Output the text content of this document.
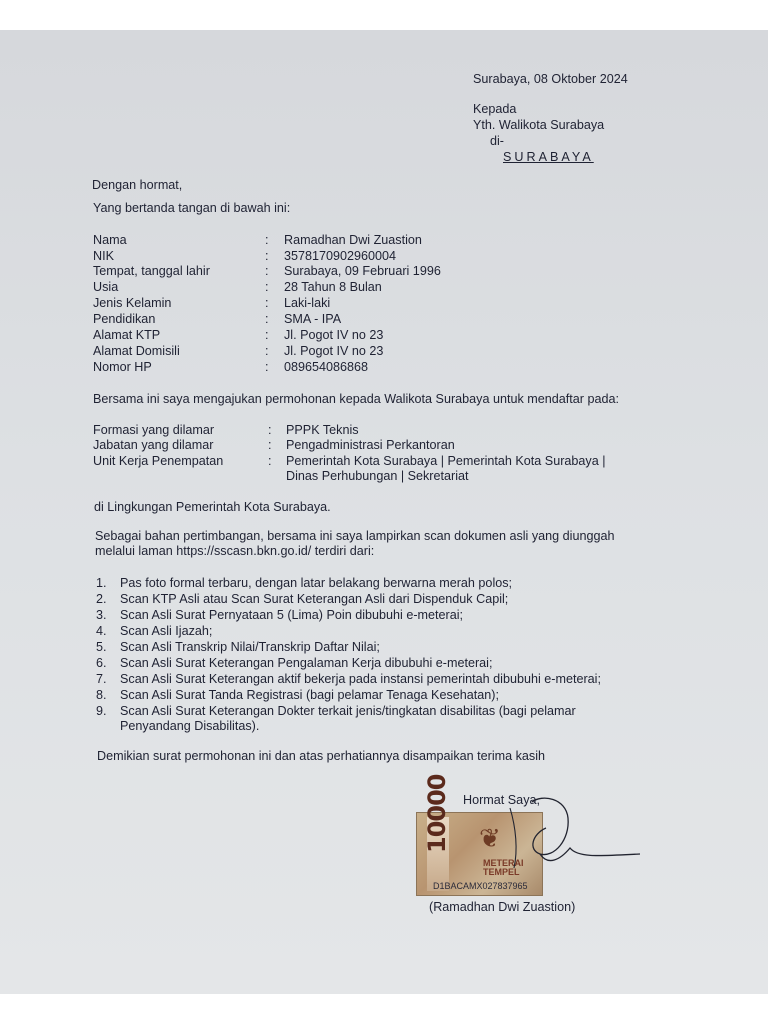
Surabaya, 08 Oktober 2024
Kepada
Yth. Walikota Surabaya
di-
SURABAYA
Dengan hormat,
Yang bertanda tangan di bawah ini:
Nama	: Ramadhan Dwi Zuastion
NIK	: 3578170902960004
Tempat, tanggal lahir	: Surabaya, 09 Februari 1996
Usia	: 28 Tahun 8 Bulan
Jenis Kelamin	: Laki-laki
Pendidikan	: SMA - IPA
Alamat KTP	: Jl. Pogot IV no 23
Alamat Domisili	: Jl. Pogot IV no 23
Nomor HP	: 089654086868
Bersama ini saya mengajukan permohonan kepada Walikota Surabaya untuk mendaftar pada:
Formasi yang dilamar	: PPPK Teknis
Jabatan yang dilamar	: Pengadministrasi Perkantoran
Unit Kerja Penempatan	: Pemerintah Kota Surabaya | Pemerintah Kota Surabaya |
Dinas Perhubungan | Sekretariat
di Lingkungan Pemerintah Kota Surabaya.
Sebagai bahan pertimbangan, bersama ini saya lampirkan scan dokumen asli yang diunggah
melalui laman https://sscasn.bkn.go.id/ terdiri dari:
1. Pas foto formal terbaru, dengan latar belakang berwarna merah polos;
2. Scan KTP Asli atau Scan Surat Keterangan Asli dari Dispenduk Capil;
3. Scan Asli Surat Pernyataan 5 (Lima) Poin dibubuhi e-meterai;
4. Scan Asli Ijazah;
5. Scan Asli Transkrip Nilai/Transkrip Daftar Nilai;
6. Scan Asli Surat Keterangan Pengalaman Kerja dibubuhi e-meterai;
7. Scan Asli Surat Keterangan aktif bekerja pada instansi pemerintah dibubuhi e-meterai;
8. Scan Asli Surat Tanda Registrasi (bagi pelamar Tenaga Kesehatan);
9. Scan Asli Surat Keterangan Dokter terkait jenis/tingkatan disabilitas (bagi pelamar
Penyandang Disabilitas).
Demikian surat permohonan ini dan atas perhatiannya disampaikan terima kasih
Hormat Saya,
10000 ❦
METERAI
TEMPEL
D1BACAMX027837965
(Ramadhan Dwi Zuastion)
